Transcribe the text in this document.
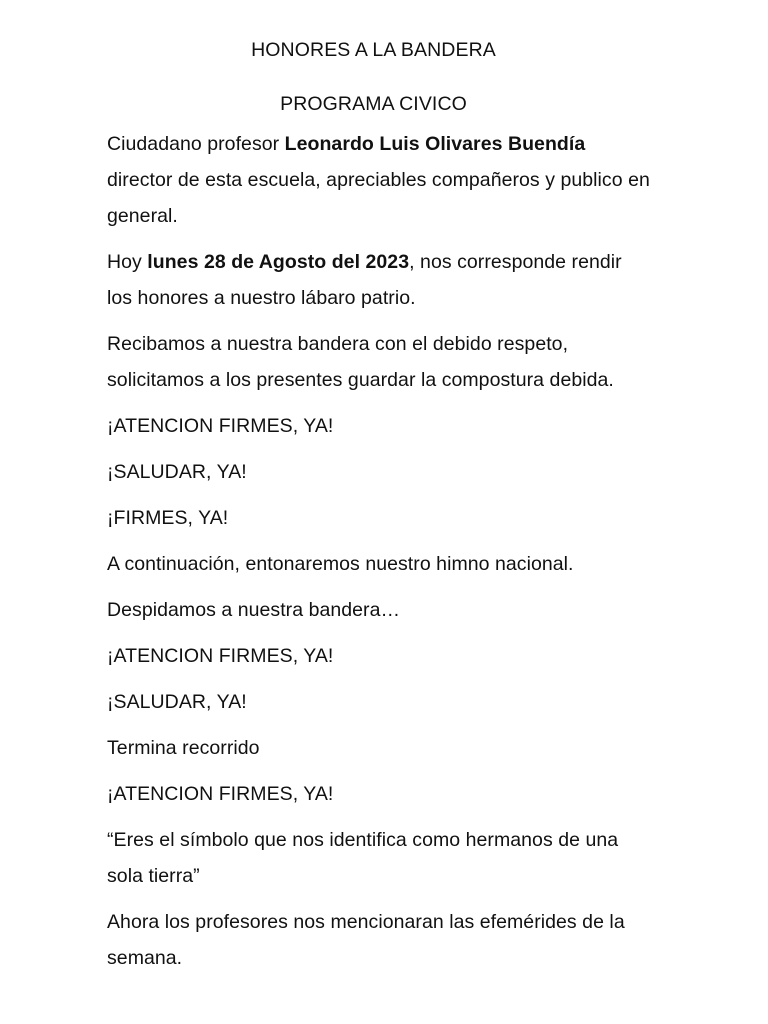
HONORES A LA BANDERA
PROGRAMA CIVICO

Ciudadano profesor Leonardo Luis Olivares Buendía director de esta escuela, apreciables compañeros y publico en general.

Hoy lunes 28 de Agosto del 2023, nos corresponde rendir los honores a nuestro lábaro patrio.

Recibamos a nuestra bandera con el debido respeto, solicitamos a los presentes guardar la compostura debida.

¡ATENCION FIRMES, YA!

¡SALUDAR, YA!

¡FIRMES, YA!

A continuación, entonaremos nuestro himno nacional.

Despidamos a nuestra bandera…

¡ATENCION FIRMES, YA!

¡SALUDAR, YA!

Termina recorrido

¡ATENCION FIRMES, YA!

“Eres el símbolo que nos identifica como hermanos de una sola tierra”

Ahora los profesores nos mencionaran las efemérides de la semana.
